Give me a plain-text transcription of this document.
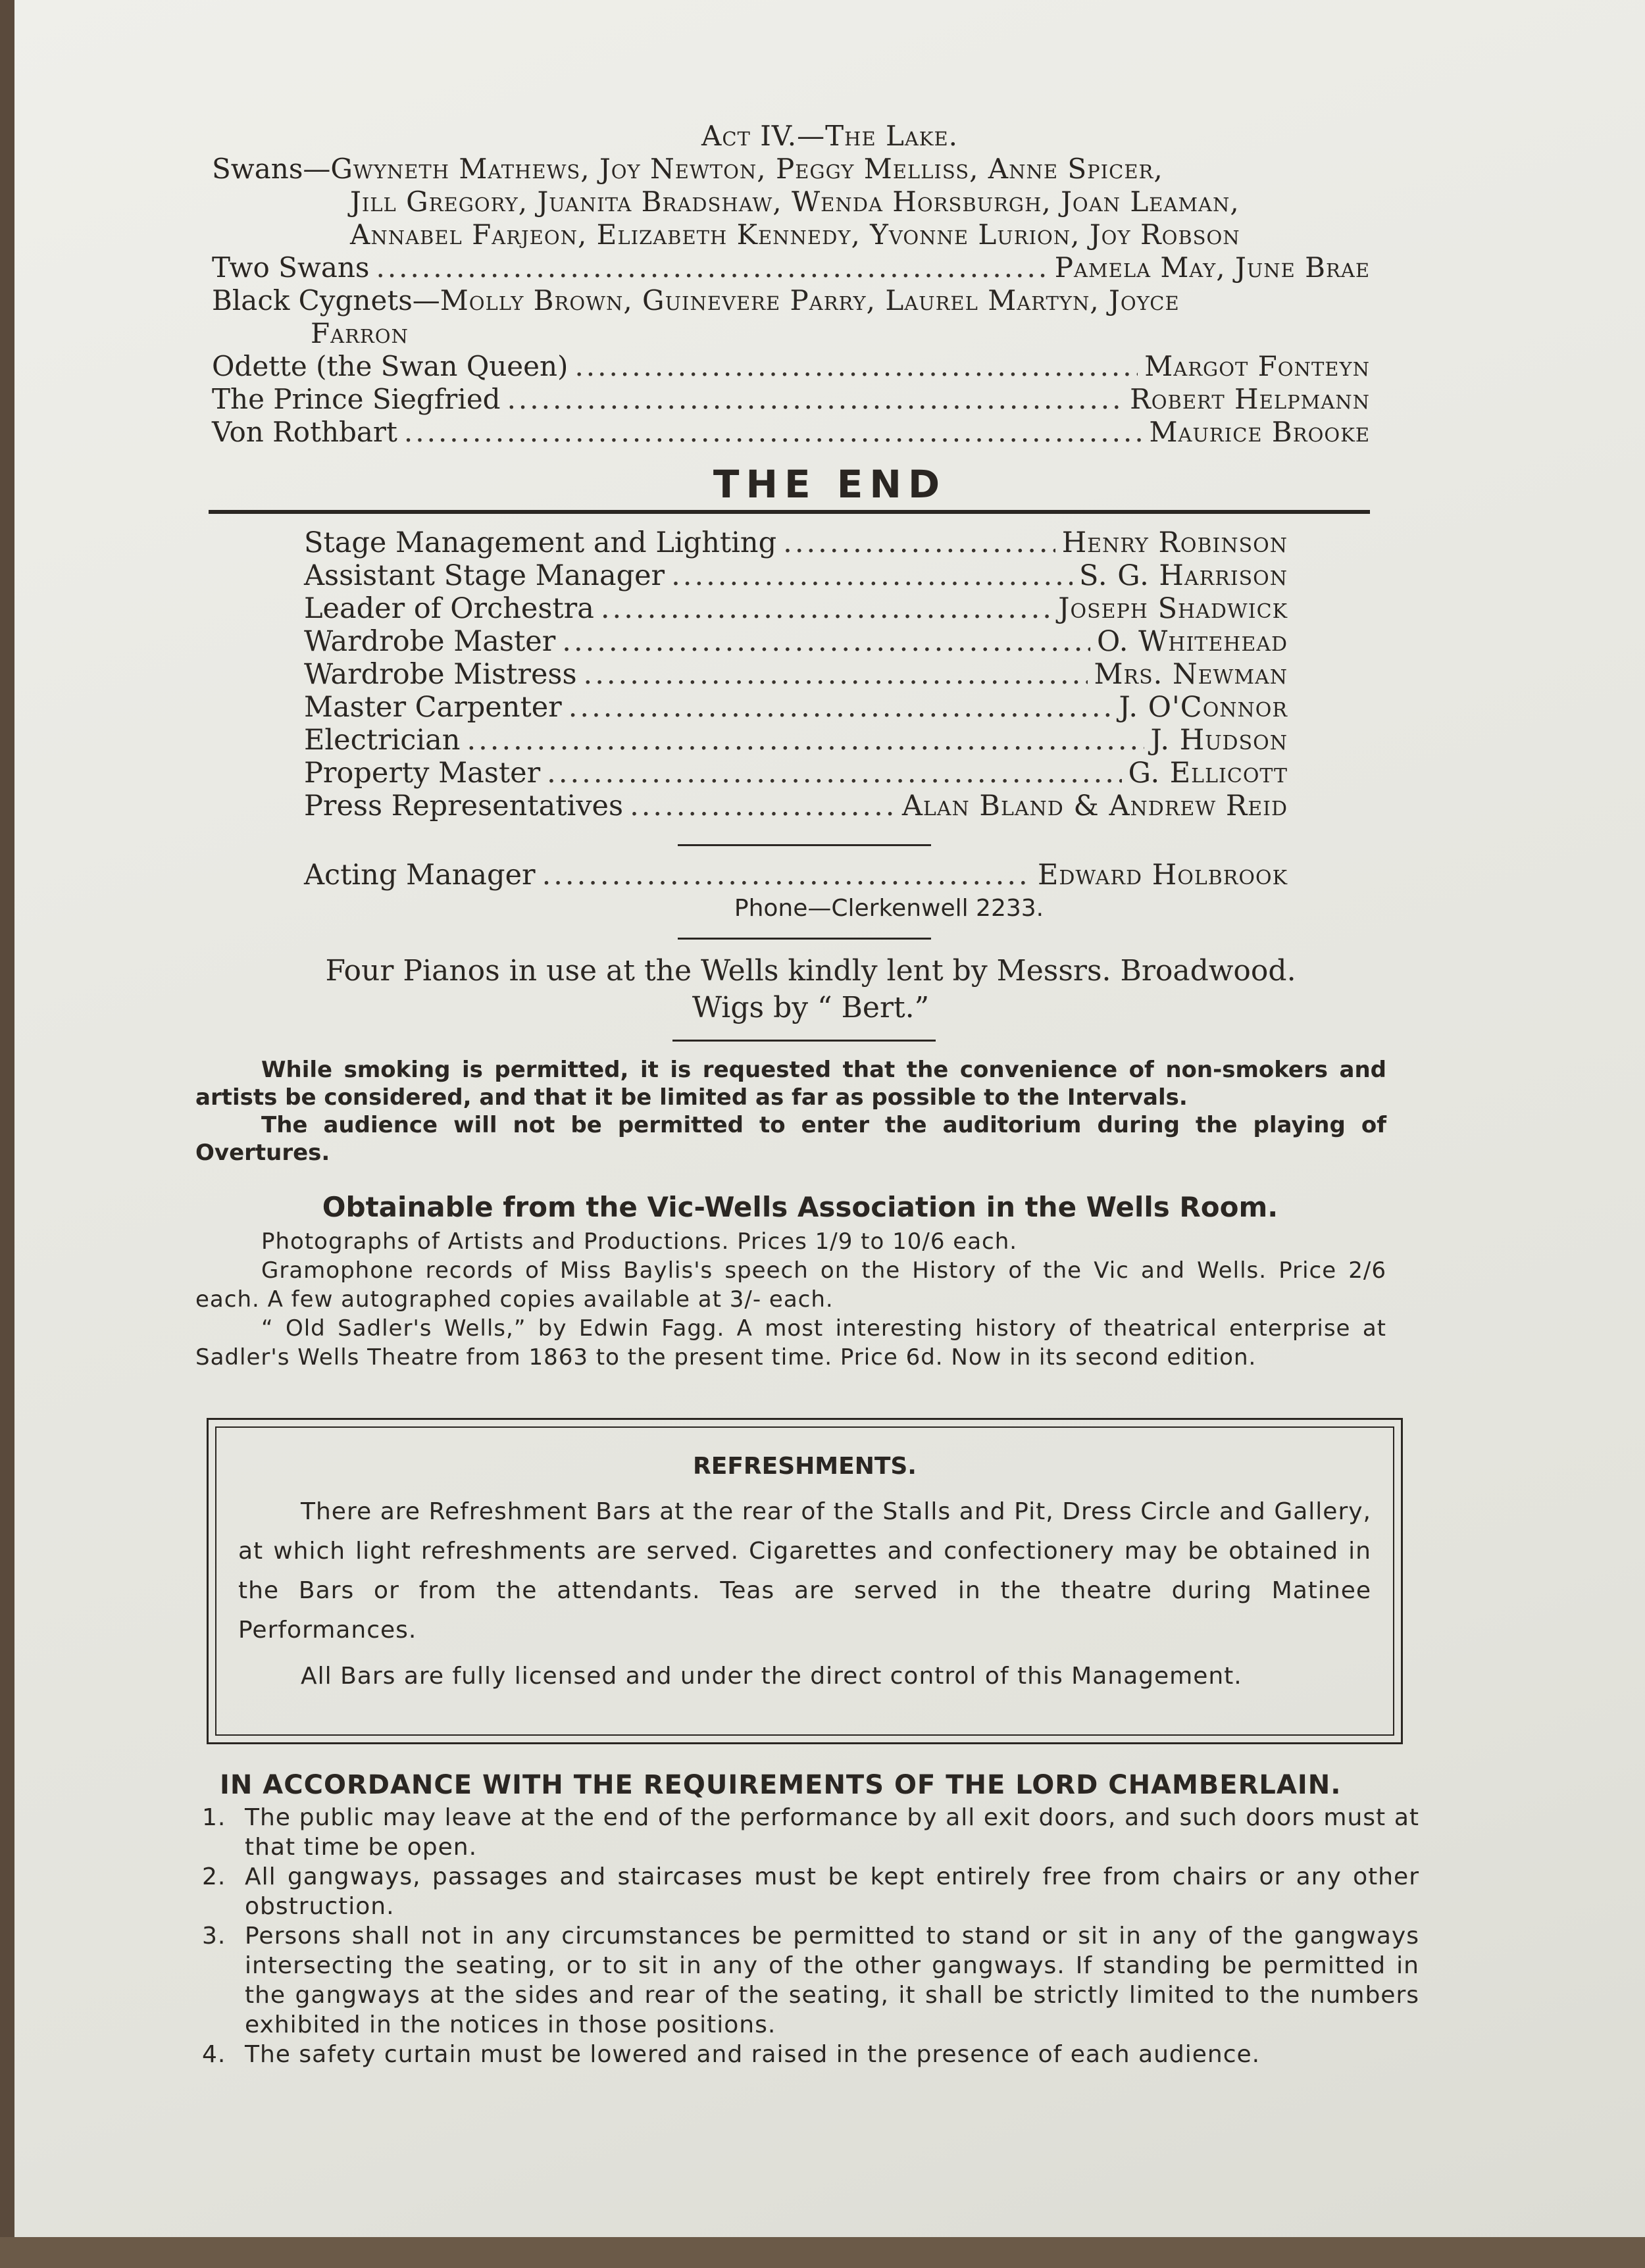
Act IV.—The Lake.
Swans—Gwyneth Mathews, Joy Newton, Peggy Melliss, Anne Spicer,
Jill Gregory, Juanita Bradshaw, Wenda Horsburgh, Joan Leaman,
Annabel Farjeon, Elizabeth Kennedy, Yvonne Lurion, Joy Robson
Two Swans .....	Pamela May, June Brae
Black Cygnets—Molly Brown, Guinevere Parry, Laurel Martyn, Joyce
Farron
Odette (the Swan Queen) .....	Margot Fonteyn
The Prince Siegfried .....	Robert Helpmann
Von Rothbart .....	Maurice Brooke
THE END
Stage Management and Lighting .....	Henry Robinson
Assistant Stage Manager .....	S. G. Harrison
Leader of Orchestra .....	Joseph Shadwick
Wardrobe Master .....	O. Whitehead
Wardrobe Mistress .....	Mrs. Newman
Master Carpenter .....	J. O'Connor
Electrician .....	J. Hudson
Property Master .....	G. Ellicott
Press Representatives .....	Alan Bland & Andrew Reid
Acting Manager .....	Edward Holbrook
Phone—Clerkenwell 2233.
Four Pianos in use at the Wells kindly lent by Messrs. Broadwood.
Wigs by “ Bert.”

While smoking is permitted, it is requested that the convenience of non-smokers and artists be considered, and that it be limited as far as possible to the Intervals.

The audience will not be permitted to enter the auditorium during the playing of Overtures.

Obtainable from the Vic-Wells Association in the Wells Room.

Photographs of Artists and Productions. Prices 1/9 to 10/6 each.

Gramophone records of Miss Baylis's speech on the History of the Vic and Wells. Price 2/6 each. A few autographed copies available at 3/- each.

“ Old Sadler's Wells,” by Edwin Fagg. A most interesting history of theatrical enterprise at Sadler's Wells Theatre from 1863 to the present time. Price 6d. Now in its second edition.

REFRESHMENTS.

There are Refreshment Bars at the rear of the Stalls and Pit, Dress Circle and Gallery, at which light refreshments are served. Cigarettes and confectionery may be obtained in the Bars or from the attendants. Teas are served in the theatre during Matinee Performances.

All Bars are fully licensed and under the direct control of this Management.

IN ACCORDANCE WITH THE REQUIREMENTS OF THE LORD CHAMBERLAIN.
1. The public may leave at the end of the performance by all exit doors, and such doors must at that time be open.
2. All gangways, passages and staircases must be kept entirely free from chairs or any other obstruction.
3. Persons shall not in any circumstances be permitted to stand or sit in any of the gangways intersecting the seating, or to sit in any of the other gangways. If standing be permitted in the gangways at the sides and rear of the seating, it shall be strictly limited to the numbers exhibited in the notices in those positions.
4. The safety curtain must be lowered and raised in the presence of each audience.
